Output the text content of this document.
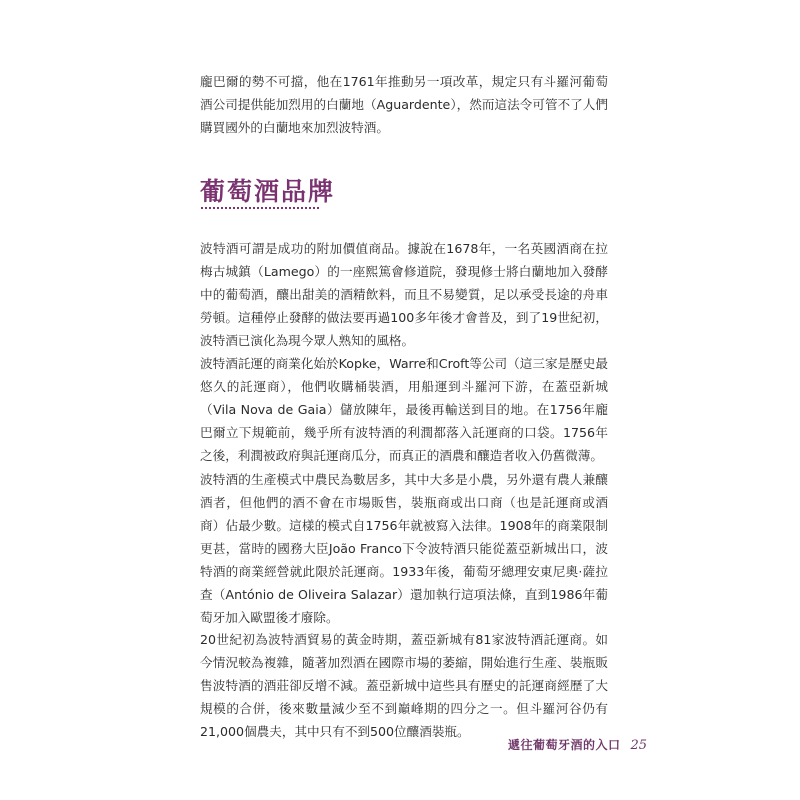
龐巴爾的勢不可擋，他在1761年推動另一項改革，規定只有斗羅河葡萄酒公司提供能加烈用的白蘭地（Aguardente），然而這法令可管不了人們購買國外的白蘭地來加烈波特酒。

葡萄酒品牌

波特酒可謂是成功的附加價值商品。據說在1678年，一名英國酒商在拉梅古城鎮（Lamego）的一座熙篤會修道院，發現修士將白蘭地加入發酵中的葡萄酒，釀出甜美的酒精飲料，而且不易變質，足以承受長途的舟車勞頓。這種停止發酵的做法要再過100多年後才會普及，到了19世紀初，波特酒已演化為現今眾人熟知的風格。

波特酒託運的商業化始於Kopke，Warre和Croft等公司（這三家是歷史最悠久的託運商），他們收購桶裝酒，用船運到斗羅河下游，在蓋亞新城（Vila Nova de Gaia）儲放陳年，最後再輸送到目的地。在1756年龐巴爾立下規範前，幾乎所有波特酒的利潤都落入託運商的口袋。1756年之後，利潤被政府與託運商瓜分，而真正的酒農和釀造者收入仍舊微薄。

波特酒的生產模式中農民為數居多，其中大多是小農，另外還有農人兼釀酒者，但他們的酒不會在市場販售，裝瓶商或出口商（也是託運商或酒商）佔最少數。這樣的模式自1756年就被寫入法律。1908年的商業限制更甚，當時的國務大臣João Franco下令波特酒只能從蓋亞新城出口，波特酒的商業經營就此限於託運商。1933年後，葡萄牙總理安東尼奧·薩拉查（António de Oliveira Salazar）還加執行這項法條，直到1986年葡萄牙加入歐盟後才廢除。

20世紀初為波特酒貿易的黃金時期，蓋亞新城有81家波特酒託運商。如今情況較為複雜，隨著加烈酒在國際市場的萎縮，開始進行生產、裝瓶販售波特酒的酒莊卻反增不減。蓋亞新城中這些具有歷史的託運商經歷了大規模的合併，後來數量減少至不到巔峰期的四分之一。但斗羅河谷仍有21,000個農夫，其中只有不到500位釀酒裝瓶。

遞往葡萄牙酒的入口 25
